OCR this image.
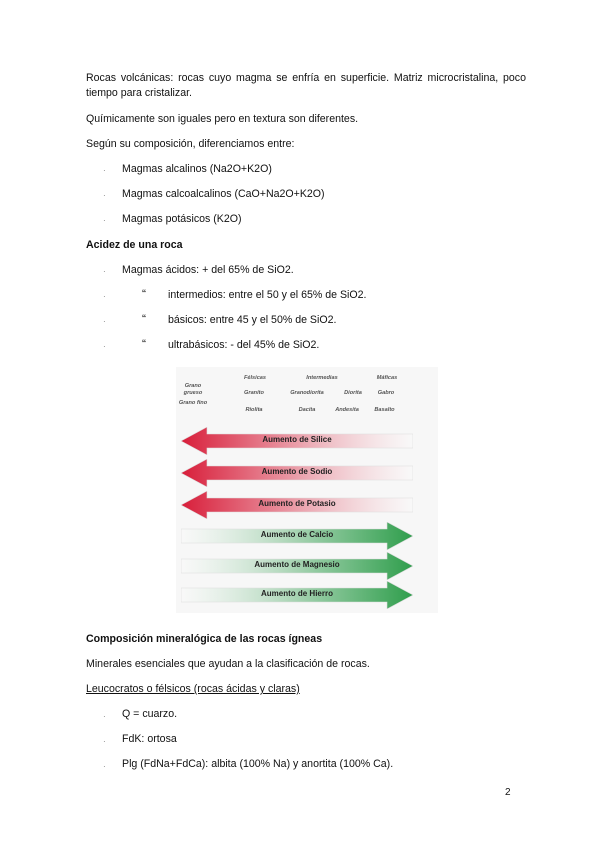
Rocas volcánicas: rocas cuyo magma se enfría en superficie. Matriz microcristalina, poco tiempo para cristalizar.
Químicamente son iguales pero en textura son diferentes.
Según su composición, diferenciamos entre:
· Magmas alcalinos (Na2O+K2O)
· Magmas calcoalcalinos (CaO+Na2O+K2O)
· Magmas potásicos (K2O)
Acidez de una roca
· Magmas ácidos: + del 65% de SiO2.
·	“ intermedios: entre el 50 y el 65% de SiO2.
·	“ básicos: entre 45 y el 50% de SiO2.
·	“ ultrabásicos: - del 45% de SiO2.
Félsicas	Intermedias	Máficas
Grano grueso
Grano fino
Granito	Granodiorita	Diorita	Gabro
Riolita	Dacita	Andesita	Basalto
Aumento de Sílice
Aumento de Sodio
Aumento de Potasio
Aumento de Calcio
Aumento de Magnesio
Aumento de Hierro
Composición mineralógica de las rocas ígneas
Minerales esenciales que ayudan a la clasificación de rocas.
Leucocratos o félsicos (rocas ácidas y claras)
· Q = cuarzo.
· FdK: ortosa
· Plg (FdNa+FdCa): albita (100% Na) y anortita (100% Ca).
2
